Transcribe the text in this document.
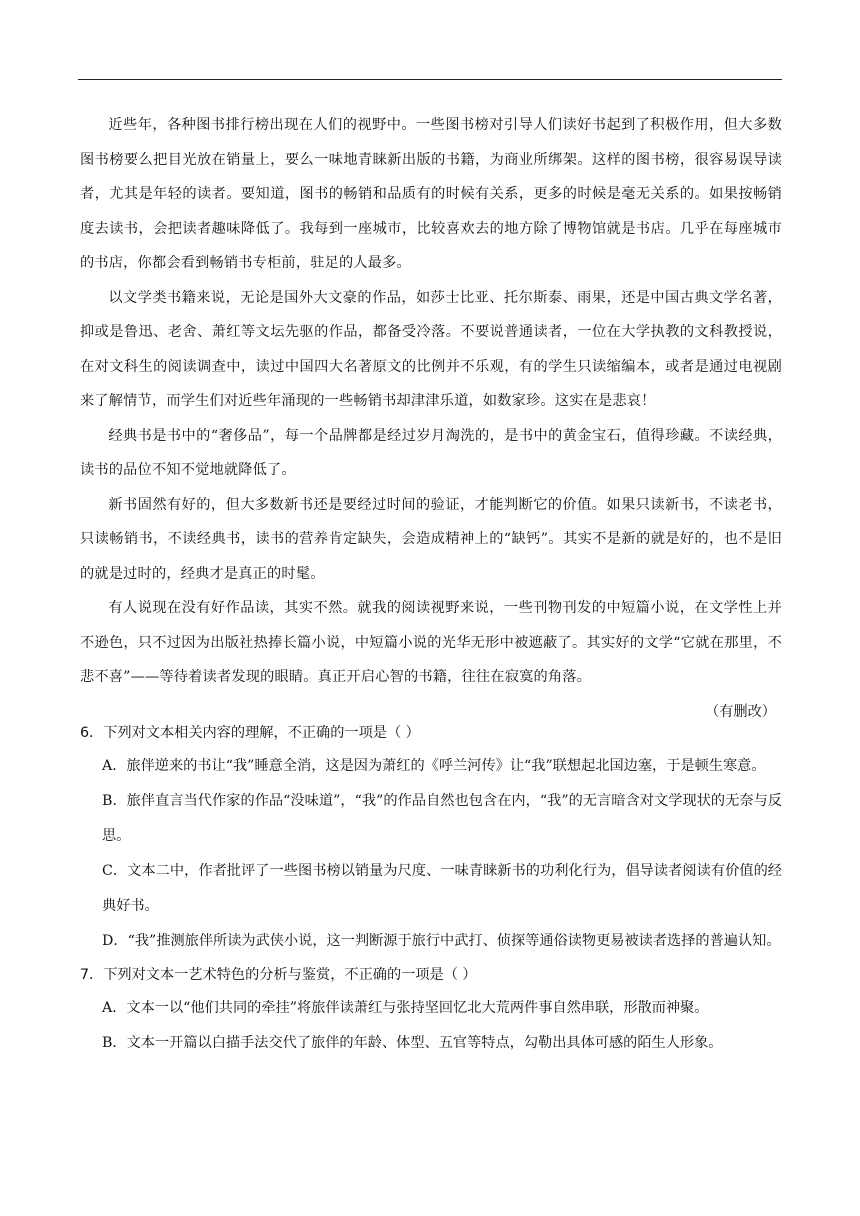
近些年，各种图书排行榜出现在人们的视野中。一些图书榜对引导人们读好书起到了积极作用，但大多数图书榜要么把目光放在销量上，要么一味地青睐新出版的书籍，为商业所绑架。这样的图书榜，很容易误导读者，尤其是年轻的读者。要知道，图书的畅销和品质有的时候有关系，更多的时候是毫无关系的。如果按畅销度去读书，会把读者趣味降低了。我每到一座城市，比较喜欢去的地方除了博物馆就是书店。几乎在每座城市的书店，你都会看到畅销书专柜前，驻足的人最多。

以文学类书籍来说，无论是国外大文豪的作品，如莎士比亚、托尔斯泰、雨果，还是中国古典文学名著，抑或是鲁迅、老舍、萧红等文坛先驱的作品，都备受冷落。不要说普通读者，一位在大学执教的文科教授说，在对文科生的阅读调查中，读过中国四大名著原文的比例并不乐观，有的学生只读缩编本，或者是通过电视剧来了解情节，而学生们对近些年涌现的一些畅销书却津津乐道，如数家珍。这实在是悲哀！

经典书是书中的“奢侈品”，每一个品牌都是经过岁月淘洗的，是书中的黄金宝石，值得珍藏。不读经典，读书的品位不知不觉地就降低了。

新书固然有好的，但大多数新书还是要经过时间的验证，才能判断它的价值。如果只读新书，不读老书，只读畅销书，不读经典书，读书的营养肯定缺失，会造成精神上的“缺钙”。其实不是新的就是好的，也不是旧的就是过时的，经典才是真正的时髦。

有人说现在没有好作品读，其实不然。就我的阅读视野来说，一些刊物刊发的中短篇小说，在文学性上并不逊色，只不过因为出版社热捧长篇小说，中短篇小说的光华无形中被遮蔽了。其实好的文学“它就在那里，不悲不喜”——等待着读者发现的眼睛。真正开启心智的书籍，往往在寂寞的角落。

（有删改）

6．下列对文本相关内容的理解，不正确的一项是（ ）

A．旅伴逆来的书让“我”睡意全消，这是因为萧红的《呼兰河传》让“我”联想起北国边塞，于是顿生寒意。

B．旅伴直言当代作家的作品“没味道”，“我”的作品自然也包含在内，“我”的无言暗含对文学现状的无奈与反思。

C．文本二中，作者批评了一些图书榜以销量为尺度、一味青睐新书的功利化行为，倡导读者阅读有价值的经典好书。

D．“我”推测旅伴所读为武侠小说，这一判断源于旅行中武打、侦探等通俗读物更易被读者选择的普遍认知。

7．下列对文本一艺术特色的分析与鉴赏，不正确的一项是（ ）

A．文本一以“他们共同的牵挂”将旅伴读萧红与张持坚回忆北大荒两件事自然串联，形散而神聚。

B．文本一开篇以白描手法交代了旅伴的年龄、体型、五官等特点，勾勒出具体可感的陌生人形象。
